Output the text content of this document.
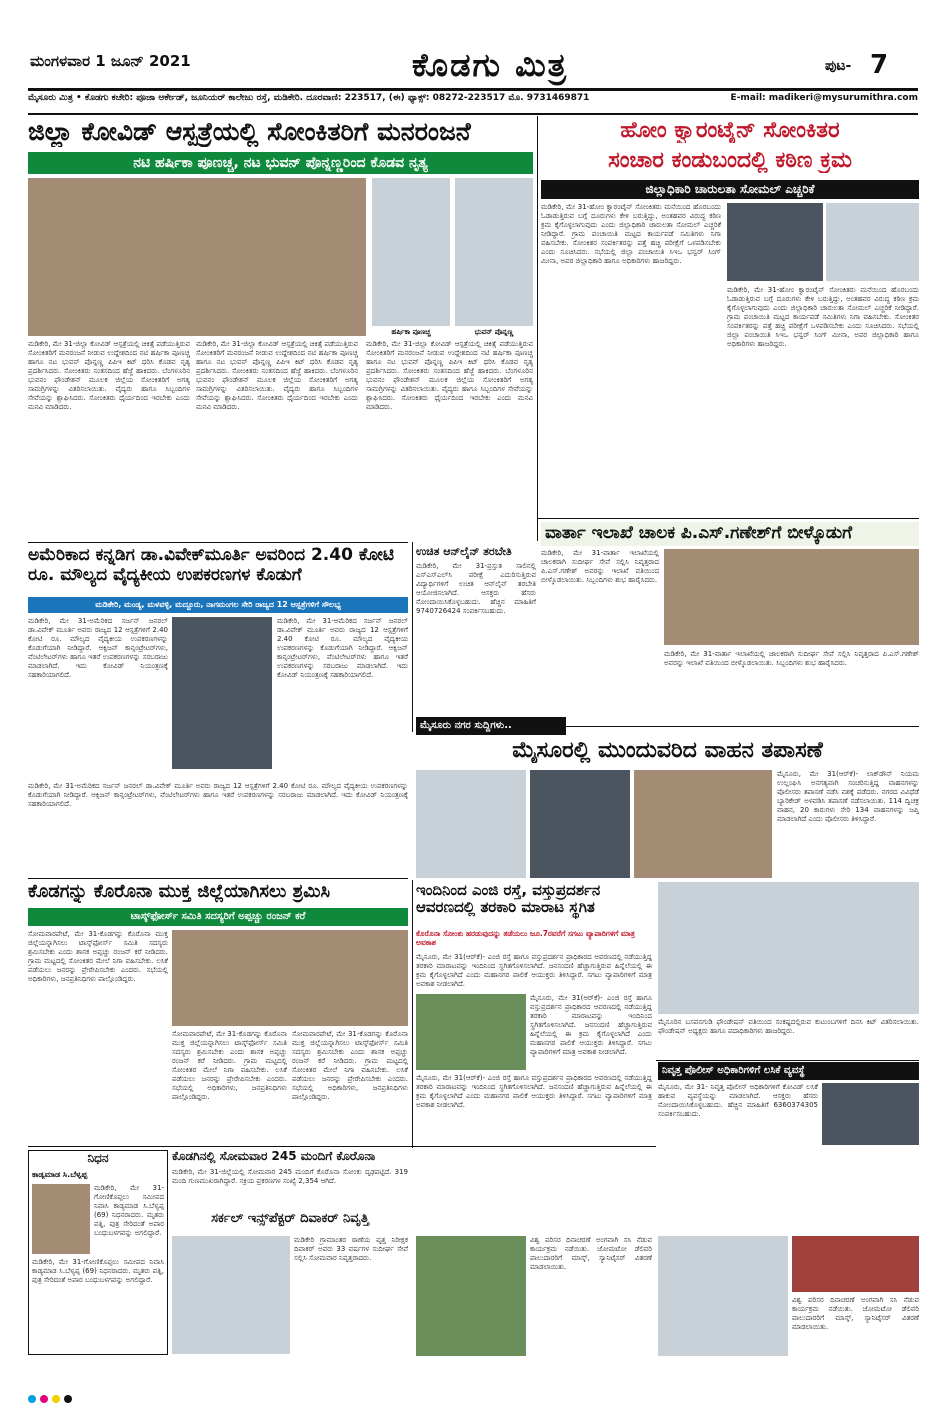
ಮಂಗಳವಾರ 1 ಜೂನ್ 2021	ಕೊಡಗು ಮಿತ್ರ	ಪುಟ- 7
ಮೈಸೂರು ಮಿತ್ರ • ಕೊಡಗು ಕಚೇರಿ: ಪೂಜಾ ಆರ್ಕೇಡ್, ಜೂನಿಯರ್ ಕಾಲೇಜು ರಸ್ತೆ, ಮಡಿಕೇರಿ. ದೂರವಾಣಿ: 223517, (ಈ) ಫ್ಯಾಕ್ಸ್: 08272-223517 ಮೊ. 9731469871	E-mail: madikeri@mysurumithra.com
ಜಿಲ್ಲಾ ಕೋವಿಡ್ ಆಸ್ಪತ್ರೆಯಲ್ಲಿ ಸೋಂಕಿತರಿಗೆ ಮನರಂಜನೆ
ನಟಿ ಹರ್ಷಿಕಾ ಪೂಣಚ್ಚ, ನಟ ಭುವನ್ ಪೊನ್ನಣ್ಣರಿಂದ ಕೊಡವ ನೃತ್ಯ
ಹರ್ಷಿಕಾ ಪೂಣಚ್ಚ	ಭುವನ್ ಪೊನ್ನಣ್ಣ
ಮಡಿಕೇರಿ, ಮೇ 31-ಜಿಲ್ಲಾ ಕೋವಿಡ್ ಆಸ್ಪತ್ರೆಯಲ್ಲಿ ಚಿಕಿತ್ಸೆ ಪಡೆಯುತ್ತಿರುವ ಸೋಂಕಿತರಿಗೆ ಮನರಂಜನೆ ನೀಡುವ ಉದ್ದೇಶದಿಂದ ನಟಿ ಹರ್ಷಿಕಾ ಪೂಣಚ್ಚ ಹಾಗೂ ನಟ ಭುವನ್ ಪೊನ್ನಣ್ಣ ಪಿಪಿಇ ಕಿಟ್ ಧರಿಸಿ ಕೊಡವ ನೃತ್ಯ ಪ್ರದರ್ಶಿಸಿದರು. ಸೋಂಕಿತರು ಸಂತಸದಿಂದ ಹೆಜ್ಜೆ ಹಾಕಿದರು. ಬೆಂಗಳೂರಿನ ಭುವನಂ ಫೌಂಡೇಶನ್ ಮೂಲಕ ಜಿಲ್ಲೆಯ ಸೋಂಕಿತರಿಗೆ ಅಗತ್ಯ ಸಾಮಗ್ರಿಗಳನ್ನು ವಿತರಿಸಲಾಯಿತು. ವೈದ್ಯರು ಹಾಗೂ ಸಿಬ್ಬಂದಿಗಳ ಸೇವೆಯನ್ನು ಶ್ಲಾಘಿಸಿದರು. ಸೋಂಕಿತರು ಧೈರ್ಯದಿಂದ ಇರಬೇಕು ಎಂದು ಮನವಿ ಮಾಡಿದರು.
ಮಡಿಕೇರಿ, ಮೇ 31-ಜಿಲ್ಲಾ ಕೋವಿಡ್ ಆಸ್ಪತ್ರೆಯಲ್ಲಿ ಚಿಕಿತ್ಸೆ ಪಡೆಯುತ್ತಿರುವ ಸೋಂಕಿತರಿಗೆ ಮನರಂಜನೆ ನೀಡುವ ಉದ್ದೇಶದಿಂದ ನಟಿ ಹರ್ಷಿಕಾ ಪೂಣಚ್ಚ ಹಾಗೂ ನಟ ಭುವನ್ ಪೊನ್ನಣ್ಣ ಪಿಪಿಇ ಕಿಟ್ ಧರಿಸಿ ಕೊಡವ ನೃತ್ಯ ಪ್ರದರ್ಶಿಸಿದರು. ಸೋಂಕಿತರು ಸಂತಸದಿಂದ ಹೆಜ್ಜೆ ಹಾಕಿದರು. ಬೆಂಗಳೂರಿನ ಭುವನಂ ಫೌಂಡೇಶನ್ ಮೂಲಕ ಜಿಲ್ಲೆಯ ಸೋಂಕಿತರಿಗೆ ಅಗತ್ಯ ಸಾಮಗ್ರಿಗಳನ್ನು ವಿತರಿಸಲಾಯಿತು. ವೈದ್ಯರು ಹಾಗೂ ಸಿಬ್ಬಂದಿಗಳ ಸೇವೆಯನ್ನು ಶ್ಲಾಘಿಸಿದರು. ಸೋಂಕಿತರು ಧೈರ್ಯದಿಂದ ಇರಬೇಕು ಎಂದು ಮನವಿ ಮಾಡಿದರು.
ಮಡಿಕೇರಿ, ಮೇ 31-ಜಿಲ್ಲಾ ಕೋವಿಡ್ ಆಸ್ಪತ್ರೆಯಲ್ಲಿ ಚಿಕಿತ್ಸೆ ಪಡೆಯುತ್ತಿರುವ ಸೋಂಕಿತರಿಗೆ ಮನರಂಜನೆ ನೀಡುವ ಉದ್ದೇಶದಿಂದ ನಟಿ ಹರ್ಷಿಕಾ ಪೂಣಚ್ಚ ಹಾಗೂ ನಟ ಭುವನ್ ಪೊನ್ನಣ್ಣ ಪಿಪಿಇ ಕಿಟ್ ಧರಿಸಿ ಕೊಡವ ನೃತ್ಯ ಪ್ರದರ್ಶಿಸಿದರು. ಸೋಂಕಿತರು ಸಂತಸದಿಂದ ಹೆಜ್ಜೆ ಹಾಕಿದರು. ಬೆಂಗಳೂರಿನ ಭುವನಂ ಫೌಂಡೇಶನ್ ಮೂಲಕ ಜಿಲ್ಲೆಯ ಸೋಂಕಿತರಿಗೆ ಅಗತ್ಯ ಸಾಮಗ್ರಿಗಳನ್ನು ವಿತರಿಸಲಾಯಿತು. ವೈದ್ಯರು ಹಾಗೂ ಸಿಬ್ಬಂದಿಗಳ ಸೇವೆಯನ್ನು ಶ್ಲಾಘಿಸಿದರು. ಸೋಂಕಿತರು ಧೈರ್ಯದಿಂದ ಇರಬೇಕು ಎಂದು ಮನವಿ ಮಾಡಿದರು.
ಹೋಂ ಕ್ವಾರಂಟೈನ್ ಸೋಂಕಿತರ
ಸಂಚಾರ ಕಂಡುಬಂದಲ್ಲಿ ಕಠಿಣ ಕ್ರಮ
ಜಿಲ್ಲಾಧಿಕಾರಿ ಚಾರುಲತಾ ಸೋಮಲ್ ಎಚ್ಚರಿಕೆ
ಮಡಿಕೇರಿ, ಮೇ 31-ಹೋಂ ಕ್ವಾರಂಟೈನ್ ಸೋಂಕಿತರು ಮನೆಯಿಂದ ಹೊರಬಂದು ಓಡಾಡುತ್ತಿರುವ ಬಗ್ಗೆ ದೂರುಗಳು ಕೇಳಿ ಬರುತ್ತಿದ್ದು, ಅಂತಹವರ ವಿರುದ್ಧ ಕಠಿಣ ಕ್ರಮ ಕೈಗೊಳ್ಳಲಾಗುವುದು ಎಂದು ಜಿಲ್ಲಾಧಿಕಾರಿ ಚಾರುಲತಾ ಸೋಮಲ್ ಎಚ್ಚರಿಕೆ ನೀಡಿದ್ದಾರೆ. ಗ್ರಾಮ ಪಂಚಾಯಿತಿ ಮಟ್ಟದ ಕಾರ್ಯಪಡೆ ಸಮಿತಿಗಳು ನಿಗಾ ವಹಿಸಬೇಕು. ಸೋಂಕಿತರ ಸಂಪರ್ಕಿತರನ್ನು ಪತ್ತೆ ಹಚ್ಚಿ ಪರೀಕ್ಷೆಗೆ ಒಳಪಡಿಸಬೇಕು ಎಂದು ಸೂಚಿಸಿದರು. ಸಭೆಯಲ್ಲಿ ಜಿಲ್ಲಾ ಪಂಚಾಯಿತಿ ಸಿಇಒ ಭನ್ವರ್ ಸಿಂಗ್ ಮೀನಾ, ಅಪರ ಜಿಲ್ಲಾಧಿಕಾರಿ ಹಾಗೂ ಅಧಿಕಾರಿಗಳು ಹಾಜರಿದ್ದರು.
ಮಡಿಕೇರಿ, ಮೇ 31-ಹೋಂ ಕ್ವಾರಂಟೈನ್ ಸೋಂಕಿತರು ಮನೆಯಿಂದ ಹೊರಬಂದು ಓಡಾಡುತ್ತಿರುವ ಬಗ್ಗೆ ದೂರುಗಳು ಕೇಳಿ ಬರುತ್ತಿದ್ದು, ಅಂತಹವರ ವಿರುದ್ಧ ಕಠಿಣ ಕ್ರಮ ಕೈಗೊಳ್ಳಲಾಗುವುದು ಎಂದು ಜಿಲ್ಲಾಧಿಕಾರಿ ಚಾರುಲತಾ ಸೋಮಲ್ ಎಚ್ಚರಿಕೆ ನೀಡಿದ್ದಾರೆ. ಗ್ರಾಮ ಪಂಚಾಯಿತಿ ಮಟ್ಟದ ಕಾರ್ಯಪಡೆ ಸಮಿತಿಗಳು ನಿಗಾ ವಹಿಸಬೇಕು. ಸೋಂಕಿತರ ಸಂಪರ್ಕಿತರನ್ನು ಪತ್ತೆ ಹಚ್ಚಿ ಪರೀಕ್ಷೆಗೆ ಒಳಪಡಿಸಬೇಕು ಎಂದು ಸೂಚಿಸಿದರು. ಸಭೆಯಲ್ಲಿ ಜಿಲ್ಲಾ ಪಂಚಾಯಿತಿ ಸಿಇಒ ಭನ್ವರ್ ಸಿಂಗ್ ಮೀನಾ, ಅಪರ ಜಿಲ್ಲಾಧಿಕಾರಿ ಹಾಗೂ ಅಧಿಕಾರಿಗಳು ಹಾಜರಿದ್ದರು.
ವಾರ್ತಾ ಇಲಾಖೆ ಚಾಲಕ ಪಿ.ಎಸ್.ಗಣೇಶ್‌ಗೆ ಬೀಳ್ಕೊಡುಗೆ
ಮಡಿಕೇರಿ, ಮೇ 31-ವಾರ್ತಾ ಇಲಾಖೆಯಲ್ಲಿ ಚಾಲಕರಾಗಿ ಸುದೀರ್ಘ ಸೇವೆ ಸಲ್ಲಿಸಿ ನಿವೃತ್ತರಾದ ಪಿ.ಎಸ್.ಗಣೇಶ್ ಅವರನ್ನು ಇಲಾಖೆ ವತಿಯಿಂದ ಬೀಳ್ಕೊಡಲಾಯಿತು. ಸಿಬ್ಬಂದಿಗಳು ಶುಭ ಹಾರೈಸಿದರು.
ಮಡಿಕೇರಿ, ಮೇ 31-ವಾರ್ತಾ ಇಲಾಖೆಯಲ್ಲಿ ಚಾಲಕರಾಗಿ ಸುದೀರ್ಘ ಸೇವೆ ಸಲ್ಲಿಸಿ ನಿವೃತ್ತರಾದ ಪಿ.ಎಸ್.ಗಣೇಶ್ ಅವರನ್ನು ಇಲಾಖೆ ವತಿಯಿಂದ ಬೀಳ್ಕೊಡಲಾಯಿತು. ಸಿಬ್ಬಂದಿಗಳು ಶುಭ ಹಾರೈಸಿದರು.
ಅಮೆರಿಕಾದ ಕನ್ನಡಿಗ ಡಾ.ವಿವೇಕ್‌ಮೂರ್ತಿ ಅವರಿಂದ 2.40 ಕೋಟಿ ರೂ. ಮೌಲ್ಯದ ವೈದ್ಯಕೀಯ ಉಪಕರಣಗಳ ಕೊಡುಗೆ
ಮಡಿಕೇರಿ, ಮಂಡ್ಯ, ಮಳವಳ್ಳಿ, ಮದ್ದೂರು, ನಾಗಮಂಗಲ ಸೇರಿ ರಾಜ್ಯದ 12 ಆಸ್ಪತ್ರೆಗಳಿಗೆ ಸೌಲಭ್ಯ
ಮಡಿಕೇರಿ, ಮೇ 31-ಅಮೆರಿಕದ ಸರ್ಜನ್ ಜನರಲ್ ಡಾ.ವಿವೇಕ್ ಮೂರ್ತಿ ಅವರು ರಾಜ್ಯದ 12 ಆಸ್ಪತ್ರೆಗಳಿಗೆ 2.40 ಕೋಟಿ ರೂ. ಮೌಲ್ಯದ ವೈದ್ಯಕೀಯ ಉಪಕರಣಗಳನ್ನು ಕೊಡುಗೆಯಾಗಿ ನೀಡಿದ್ದಾರೆ. ಆಕ್ಸಿಜನ್ ಕಾನ್ಸಂಟ್ರೇಟರ್‌ಗಳು, ವೆಂಟಿಲೇಟರ್‌ಗಳು ಹಾಗೂ ಇತರೆ ಉಪಕರಣಗಳನ್ನು ಸರಬರಾಜು ಮಾಡಲಾಗಿದೆ. ಇದು ಕೋವಿಡ್ ನಿಯಂತ್ರಣಕ್ಕೆ ಸಹಕಾರಿಯಾಗಲಿದೆ.
ಮಡಿಕೇರಿ, ಮೇ 31-ಅಮೆರಿಕದ ಸರ್ಜನ್ ಜನರಲ್ ಡಾ.ವಿವೇಕ್ ಮೂರ್ತಿ ಅವರು ರಾಜ್ಯದ 12 ಆಸ್ಪತ್ರೆಗಳಿಗೆ 2.40 ಕೋಟಿ ರೂ. ಮೌಲ್ಯದ ವೈದ್ಯಕೀಯ ಉಪಕರಣಗಳನ್ನು ಕೊಡುಗೆಯಾಗಿ ನೀಡಿದ್ದಾರೆ. ಆಕ್ಸಿಜನ್ ಕಾನ್ಸಂಟ್ರೇಟರ್‌ಗಳು, ವೆಂಟಿಲೇಟರ್‌ಗಳು ಹಾಗೂ ಇತರೆ ಉಪಕರಣಗಳನ್ನು ಸರಬರಾಜು ಮಾಡಲಾಗಿದೆ. ಇದು ಕೋವಿಡ್ ನಿಯಂತ್ರಣಕ್ಕೆ ಸಹಕಾರಿಯಾಗಲಿದೆ.
ಮಡಿಕೇರಿ, ಮೇ 31-ಅಮೆರಿಕದ ಸರ್ಜನ್ ಜನರಲ್ ಡಾ.ವಿವೇಕ್ ಮೂರ್ತಿ ಅವರು ರಾಜ್ಯದ 12 ಆಸ್ಪತ್ರೆಗಳಿಗೆ 2.40 ಕೋಟಿ ರೂ. ಮೌಲ್ಯದ ವೈದ್ಯಕೀಯ ಉಪಕರಣಗಳನ್ನು ಕೊಡುಗೆಯಾಗಿ ನೀಡಿದ್ದಾರೆ. ಆಕ್ಸಿಜನ್ ಕಾನ್ಸಂಟ್ರೇಟರ್‌ಗಳು, ವೆಂಟಿಲೇಟರ್‌ಗಳು ಹಾಗೂ ಇತರೆ ಉಪಕರಣಗಳನ್ನು ಸರಬರಾಜು ಮಾಡಲಾಗಿದೆ. ಇದು ಕೋವಿಡ್ ನಿಯಂತ್ರಣಕ್ಕೆ ಸಹಕಾರಿಯಾಗಲಿದೆ.
ಉಚಿತ ಆನ್‌ಲೈನ್ ತರಬೇತಿ
ಮಡಿಕೇರಿ, ಮೇ 31-ಪ್ರಸ್ತುತ ಸಾಲಿನಲ್ಲಿ ಎಸ್‌ಎಸ್‌ಎಲ್‌ಸಿ ಪರೀಕ್ಷೆ ಎದುರಿಸುತ್ತಿರುವ ವಿದ್ಯಾರ್ಥಿಗಳಿಗೆ ಉಚಿತ ಆನ್‌ಲೈನ್ ತರಬೇತಿ ಆಯೋಜಿಸಲಾಗಿದೆ. ಆಸಕ್ತರು ಹೆಸರು ನೋಂದಾಯಿಸಿಕೊಳ್ಳಬಹುದು. ಹೆಚ್ಚಿನ ಮಾಹಿತಿಗೆ 9740726424 ಸಂಪರ್ಕಿಸಬಹುದು.
ಮೈಸೂರು ನಗರ ಸುದ್ದಿಗಳು..
ಮೈಸೂರಲ್ಲಿ ಮುಂದುವರಿದ ವಾಹನ ತಪಾಸಣೆ
ಮೈಸೂರು, ಮೇ 31(ಆರ್‌ಕೆ)- ಲಾಕ್‌ಡೌನ್ ನಿಯಮ ಉಲ್ಲಂಘಿಸಿ ಅನಗತ್ಯವಾಗಿ ಸಂಚರಿಸುತ್ತಿದ್ದ ವಾಹನಗಳನ್ನು ಪೊಲೀಸರು ತಪಾಸಣೆ ನಡೆಸಿ ವಶಕ್ಕೆ ಪಡೆದರು. ನಗರದ ವಿವಿಧೆಡೆ ಬ್ಯಾರಿಕೇಡ್ ಅಳವಡಿಸಿ ತಪಾಸಣೆ ನಡೆಸಲಾಯಿತು. 114 ದ್ವಿಚಕ್ರ ವಾಹನ, 20 ಕಾರುಗಳು ಸೇರಿ 134 ವಾಹನಗಳನ್ನು ಜಪ್ತಿ ಮಾಡಲಾಗಿದೆ ಎಂದು ಪೊಲೀಸರು ತಿಳಿಸಿದ್ದಾರೆ.
ಕೊಡಗನ್ನು ಕೊರೊನಾ ಮುಕ್ತ ಜಿಲ್ಲೆಯಾಗಿಸಲು ಶ್ರಮಿಸಿ
ಟಾಸ್ಕ್‌ಫೋರ್ಸ್ ಸಮಿತಿ ಸದಸ್ಯರಿಗೆ ಅಪ್ಪಚ್ಚು ರಂಜನ್ ಕರೆ
ಸೋಮವಾರಪೇಟೆ, ಮೇ 31-ಕೊಡಗನ್ನು ಕೊರೊನಾ ಮುಕ್ತ ಜಿಲ್ಲೆಯನ್ನಾಗಿಸಲು ಟಾಸ್ಕ್‌ಫೋರ್ಸ್ ಸಮಿತಿ ಸದಸ್ಯರು ಶ್ರಮಿಸಬೇಕು ಎಂದು ಶಾಸಕ ಅಪ್ಪಚ್ಚು ರಂಜನ್ ಕರೆ ನೀಡಿದರು. ಗ್ರಾಮ ಮಟ್ಟದಲ್ಲಿ ಸೋಂಕಿತರ ಮೇಲೆ ನಿಗಾ ವಹಿಸಬೇಕು. ಲಸಿಕೆ ಪಡೆಯಲು ಜನರನ್ನು ಪ್ರೇರೇಪಿಸಬೇಕು ಎಂದರು. ಸಭೆಯಲ್ಲಿ ಅಧಿಕಾರಿಗಳು, ಜನಪ್ರತಿನಿಧಿಗಳು ಪಾಲ್ಗೊಂಡಿದ್ದರು.
ಸೋಮವಾರಪೇಟೆ, ಮೇ 31-ಕೊಡಗನ್ನು ಕೊರೊನಾ ಮುಕ್ತ ಜಿಲ್ಲೆಯನ್ನಾಗಿಸಲು ಟಾಸ್ಕ್‌ಫೋರ್ಸ್ ಸಮಿತಿ ಸದಸ್ಯರು ಶ್ರಮಿಸಬೇಕು ಎಂದು ಶಾಸಕ ಅಪ್ಪಚ್ಚು ರಂಜನ್ ಕರೆ ನೀಡಿದರು. ಗ್ರಾಮ ಮಟ್ಟದಲ್ಲಿ ಸೋಂಕಿತರ ಮೇಲೆ ನಿಗಾ ವಹಿಸಬೇಕು. ಲಸಿಕೆ ಪಡೆಯಲು ಜನರನ್ನು ಪ್ರೇರೇಪಿಸಬೇಕು ಎಂದರು. ಸಭೆಯಲ್ಲಿ ಅಧಿಕಾರಿಗಳು, ಜನಪ್ರತಿನಿಧಿಗಳು ಪಾಲ್ಗೊಂಡಿದ್ದರು.
ಸೋಮವಾರಪೇಟೆ, ಮೇ 31-ಕೊಡಗನ್ನು ಕೊರೊನಾ ಮುಕ್ತ ಜಿಲ್ಲೆಯನ್ನಾಗಿಸಲು ಟಾಸ್ಕ್‌ಫೋರ್ಸ್ ಸಮಿತಿ ಸದಸ್ಯರು ಶ್ರಮಿಸಬೇಕು ಎಂದು ಶಾಸಕ ಅಪ್ಪಚ್ಚು ರಂಜನ್ ಕರೆ ನೀಡಿದರು. ಗ್ರಾಮ ಮಟ್ಟದಲ್ಲಿ ಸೋಂಕಿತರ ಮೇಲೆ ನಿಗಾ ವಹಿಸಬೇಕು. ಲಸಿಕೆ ಪಡೆಯಲು ಜನರನ್ನು ಪ್ರೇರೇಪಿಸಬೇಕು ಎಂದರು. ಸಭೆಯಲ್ಲಿ ಅಧಿಕಾರಿಗಳು, ಜನಪ್ರತಿನಿಧಿಗಳು ಪಾಲ್ಗೊಂಡಿದ್ದರು.
ಇಂದಿನಿಂದ ಎಂಜಿ ರಸ್ತೆ, ವಸ್ತುಪ್ರದರ್ಶನ ಆವರಣದಲ್ಲಿ ತರಕಾರಿ ಮಾರಾಟ ಸ್ಥಗಿತ
ಕೊರೊನಾ ಸೋಂಕು ಹರಡುವುದನ್ನು ತಡೆಯಲು ಜೂ.7ರವರೆಗೆ ಸಗಟು ವ್ಯಾಪಾರಿಗಳಿಗೆ ಮಾತ್ರ ಅವಕಾಶ
ಮೈಸೂರು, ಮೇ 31(ಆರ್‌ಕೆ)- ಎಂಜಿ ರಸ್ತೆ ಹಾಗೂ ವಸ್ತುಪ್ರದರ್ಶನ ಪ್ರಾಧಿಕಾರದ ಆವರಣದಲ್ಲಿ ನಡೆಯುತ್ತಿದ್ದ ತರಕಾರಿ ಮಾರಾಟವನ್ನು ಇಂದಿನಿಂದ ಸ್ಥಗಿತಗೊಳಿಸಲಾಗಿದೆ. ಜನಸಂದಣಿ ಹೆಚ್ಚಾಗುತ್ತಿರುವ ಹಿನ್ನೆಲೆಯಲ್ಲಿ ಈ ಕ್ರಮ ಕೈಗೊಳ್ಳಲಾಗಿದೆ ಎಂದು ಮಹಾನಗರ ಪಾಲಿಕೆ ಆಯುಕ್ತರು ತಿಳಿಸಿದ್ದಾರೆ. ಸಗಟು ವ್ಯಾಪಾರಿಗಳಿಗೆ ಮಾತ್ರ ಅವಕಾಶ ನೀಡಲಾಗಿದೆ.
ಮೈಸೂರು, ಮೇ 31(ಆರ್‌ಕೆ)- ಎಂಜಿ ರಸ್ತೆ ಹಾಗೂ ವಸ್ತುಪ್ರದರ್ಶನ ಪ್ರಾಧಿಕಾರದ ಆವರಣದಲ್ಲಿ ನಡೆಯುತ್ತಿದ್ದ ತರಕಾರಿ ಮಾರಾಟವನ್ನು ಇಂದಿನಿಂದ ಸ್ಥಗಿತಗೊಳಿಸಲಾಗಿದೆ. ಜನಸಂದಣಿ ಹೆಚ್ಚಾಗುತ್ತಿರುವ ಹಿನ್ನೆಲೆಯಲ್ಲಿ ಈ ಕ್ರಮ ಕೈಗೊಳ್ಳಲಾಗಿದೆ ಎಂದು ಮಹಾನಗರ ಪಾಲಿಕೆ ಆಯುಕ್ತರು ತಿಳಿಸಿದ್ದಾರೆ. ಸಗಟು ವ್ಯಾಪಾರಿಗಳಿಗೆ ಮಾತ್ರ ಅವಕಾಶ ನೀಡಲಾಗಿದೆ.
ಮೈಸೂರು, ಮೇ 31(ಆರ್‌ಕೆ)- ಎಂಜಿ ರಸ್ತೆ ಹಾಗೂ ವಸ್ತುಪ್ರದರ್ಶನ ಪ್ರಾಧಿಕಾರದ ಆವರಣದಲ್ಲಿ ನಡೆಯುತ್ತಿದ್ದ ತರಕಾರಿ ಮಾರಾಟವನ್ನು ಇಂದಿನಿಂದ ಸ್ಥಗಿತಗೊಳಿಸಲಾಗಿದೆ. ಜನಸಂದಣಿ ಹೆಚ್ಚಾಗುತ್ತಿರುವ ಹಿನ್ನೆಲೆಯಲ್ಲಿ ಈ ಕ್ರಮ ಕೈಗೊಳ್ಳಲಾಗಿದೆ ಎಂದು ಮಹಾನಗರ ಪಾಲಿಕೆ ಆಯುಕ್ತರು ತಿಳಿಸಿದ್ದಾರೆ. ಸಗಟು ವ್ಯಾಪಾರಿಗಳಿಗೆ ಮಾತ್ರ ಅವಕಾಶ ನೀಡಲಾಗಿದೆ.
ಮೈಸೂರಿನ ಬಸವನಗುಡಿ ಫೌಂಡೇಷನ್ ವತಿಯಿಂದ ಸಂಕಷ್ಟದಲ್ಲಿರುವ ಕುಟುಂಬಗಳಿಗೆ ದಿನಸಿ ಕಿಟ್ ವಿತರಿಸಲಾಯಿತು. ಫೌಂಡೇಷನ್ ಅಧ್ಯಕ್ಷರು ಹಾಗೂ ಪದಾಧಿಕಾರಿಗಳು ಹಾಜರಿದ್ದರು.
ನಿವೃತ್ತ ಪೊಲೀಸ್ ಅಧಿಕಾರಿಗಳಿಗೆ ಲಸಿಕೆ ವ್ಯವಸ್ಥೆ
ಮೈಸೂರು, ಮೇ 31- ನಿವೃತ್ತ ಪೊಲೀಸ್ ಅಧಿಕಾರಿಗಳಿಗೆ ಕೋವಿಡ್ ಲಸಿಕೆ ಹಾಕುವ ವ್ಯವಸ್ಥೆಯನ್ನು ಮಾಡಲಾಗಿದೆ. ಆಸಕ್ತರು ಹೆಸರು ನೋಂದಾಯಿಸಿಕೊಳ್ಳಬಹುದು. ಹೆಚ್ಚಿನ ಮಾಹಿತಿಗೆ 6360374305 ಸಂಪರ್ಕಿಸಬಹುದು.
ಕೊಡಗಿನಲ್ಲಿ ಸೋಮವಾರ 245 ಮಂದಿಗೆ ಕೊರೊನಾ
ಮಡಿಕೇರಿ, ಮೇ 31-ಜಿಲ್ಲೆಯಲ್ಲಿ ಸೋಮವಾರ 245 ಮಂದಿಗೆ ಕೊರೊನಾ ಸೋಂಕು ದೃಢಪಟ್ಟಿದೆ. 319 ಮಂದಿ ಗುಣಮುಖರಾಗಿದ್ದಾರೆ. ಸಕ್ರಿಯ ಪ್ರಕರಣಗಳ ಸಂಖ್ಯೆ 2,354 ಆಗಿದೆ.
ನಿಧನ
ಕಾಡ್ಯಮಾಡ ಸಿ.ಬೆಳ್ಯಪ್ಪ
ಮಡಿಕೇರಿ, ಮೇ 31-ಗೋಣಿಕೊಪ್ಪಲು ಸಮೀಪದ ನಿವಾಸಿ ಕಾಡ್ಯಮಾಡ ಸಿ.ಬೆಳ್ಯಪ್ಪ (69) ನಿಧನರಾದರು. ಮೃತರು ಪತ್ನಿ, ಪುತ್ರ ಸೇರಿದಂತೆ ಅಪಾರ ಬಂಧುಬಳಗವನ್ನು ಅಗಲಿದ್ದಾರೆ.
ಮಡಿಕೇರಿ, ಮೇ 31-ಗೋಣಿಕೊಪ್ಪಲು ಸಮೀಪದ ನಿವಾಸಿ ಕಾಡ್ಯಮಾಡ ಸಿ.ಬೆಳ್ಯಪ್ಪ (69) ನಿಧನರಾದರು. ಮೃತರು ಪತ್ನಿ, ಪುತ್ರ ಸೇರಿದಂತೆ ಅಪಾರ ಬಂಧುಬಳಗವನ್ನು ಅಗಲಿದ್ದಾರೆ.
ಸರ್ಕಲ್ ಇನ್ಸ್‌ಪೆಕ್ಟರ್ ದಿವಾಕರ್ ನಿವೃತ್ತಿ
ಮಡಿಕೇರಿ ಗ್ರಾಮಾಂತರ ಠಾಣೆಯ ವೃತ್ತ ನಿರೀಕ್ಷಕ ದಿವಾಕರ್ ಅವರು 33 ವರ್ಷಗಳ ಸುದೀರ್ಘ ಸೇವೆ ಸಲ್ಲಿಸಿ ಸೋಮವಾರ ನಿವೃತ್ತರಾದರು.
ವಿಶ್ವ ಪರಿಸರ ದಿನಾಚರಣೆ ಅಂಗವಾಗಿ ಸಸಿ ನೆಡುವ ಕಾರ್ಯಕ್ರಮ ನಡೆಯಿತು. ಜೋಮಟೋ ಡೆಲಿವರಿ ಪಾಲುದಾರರಿಗೆ ಮಾಸ್ಕ್, ಸ್ಯಾನಿಟೈಸರ್ ವಿತರಣೆ ಮಾಡಲಾಯಿತು.
ವಿಶ್ವ ಪರಿಸರ ದಿನಾಚರಣೆ ಅಂಗವಾಗಿ ಸಸಿ ನೆಡುವ ಕಾರ್ಯಕ್ರಮ ನಡೆಯಿತು. ಜೋಮಟೋ ಡೆಲಿವರಿ ಪಾಲುದಾರರಿಗೆ ಮಾಸ್ಕ್, ಸ್ಯಾನಿಟೈಸರ್ ವಿತರಣೆ ಮಾಡಲಾಯಿತು.
